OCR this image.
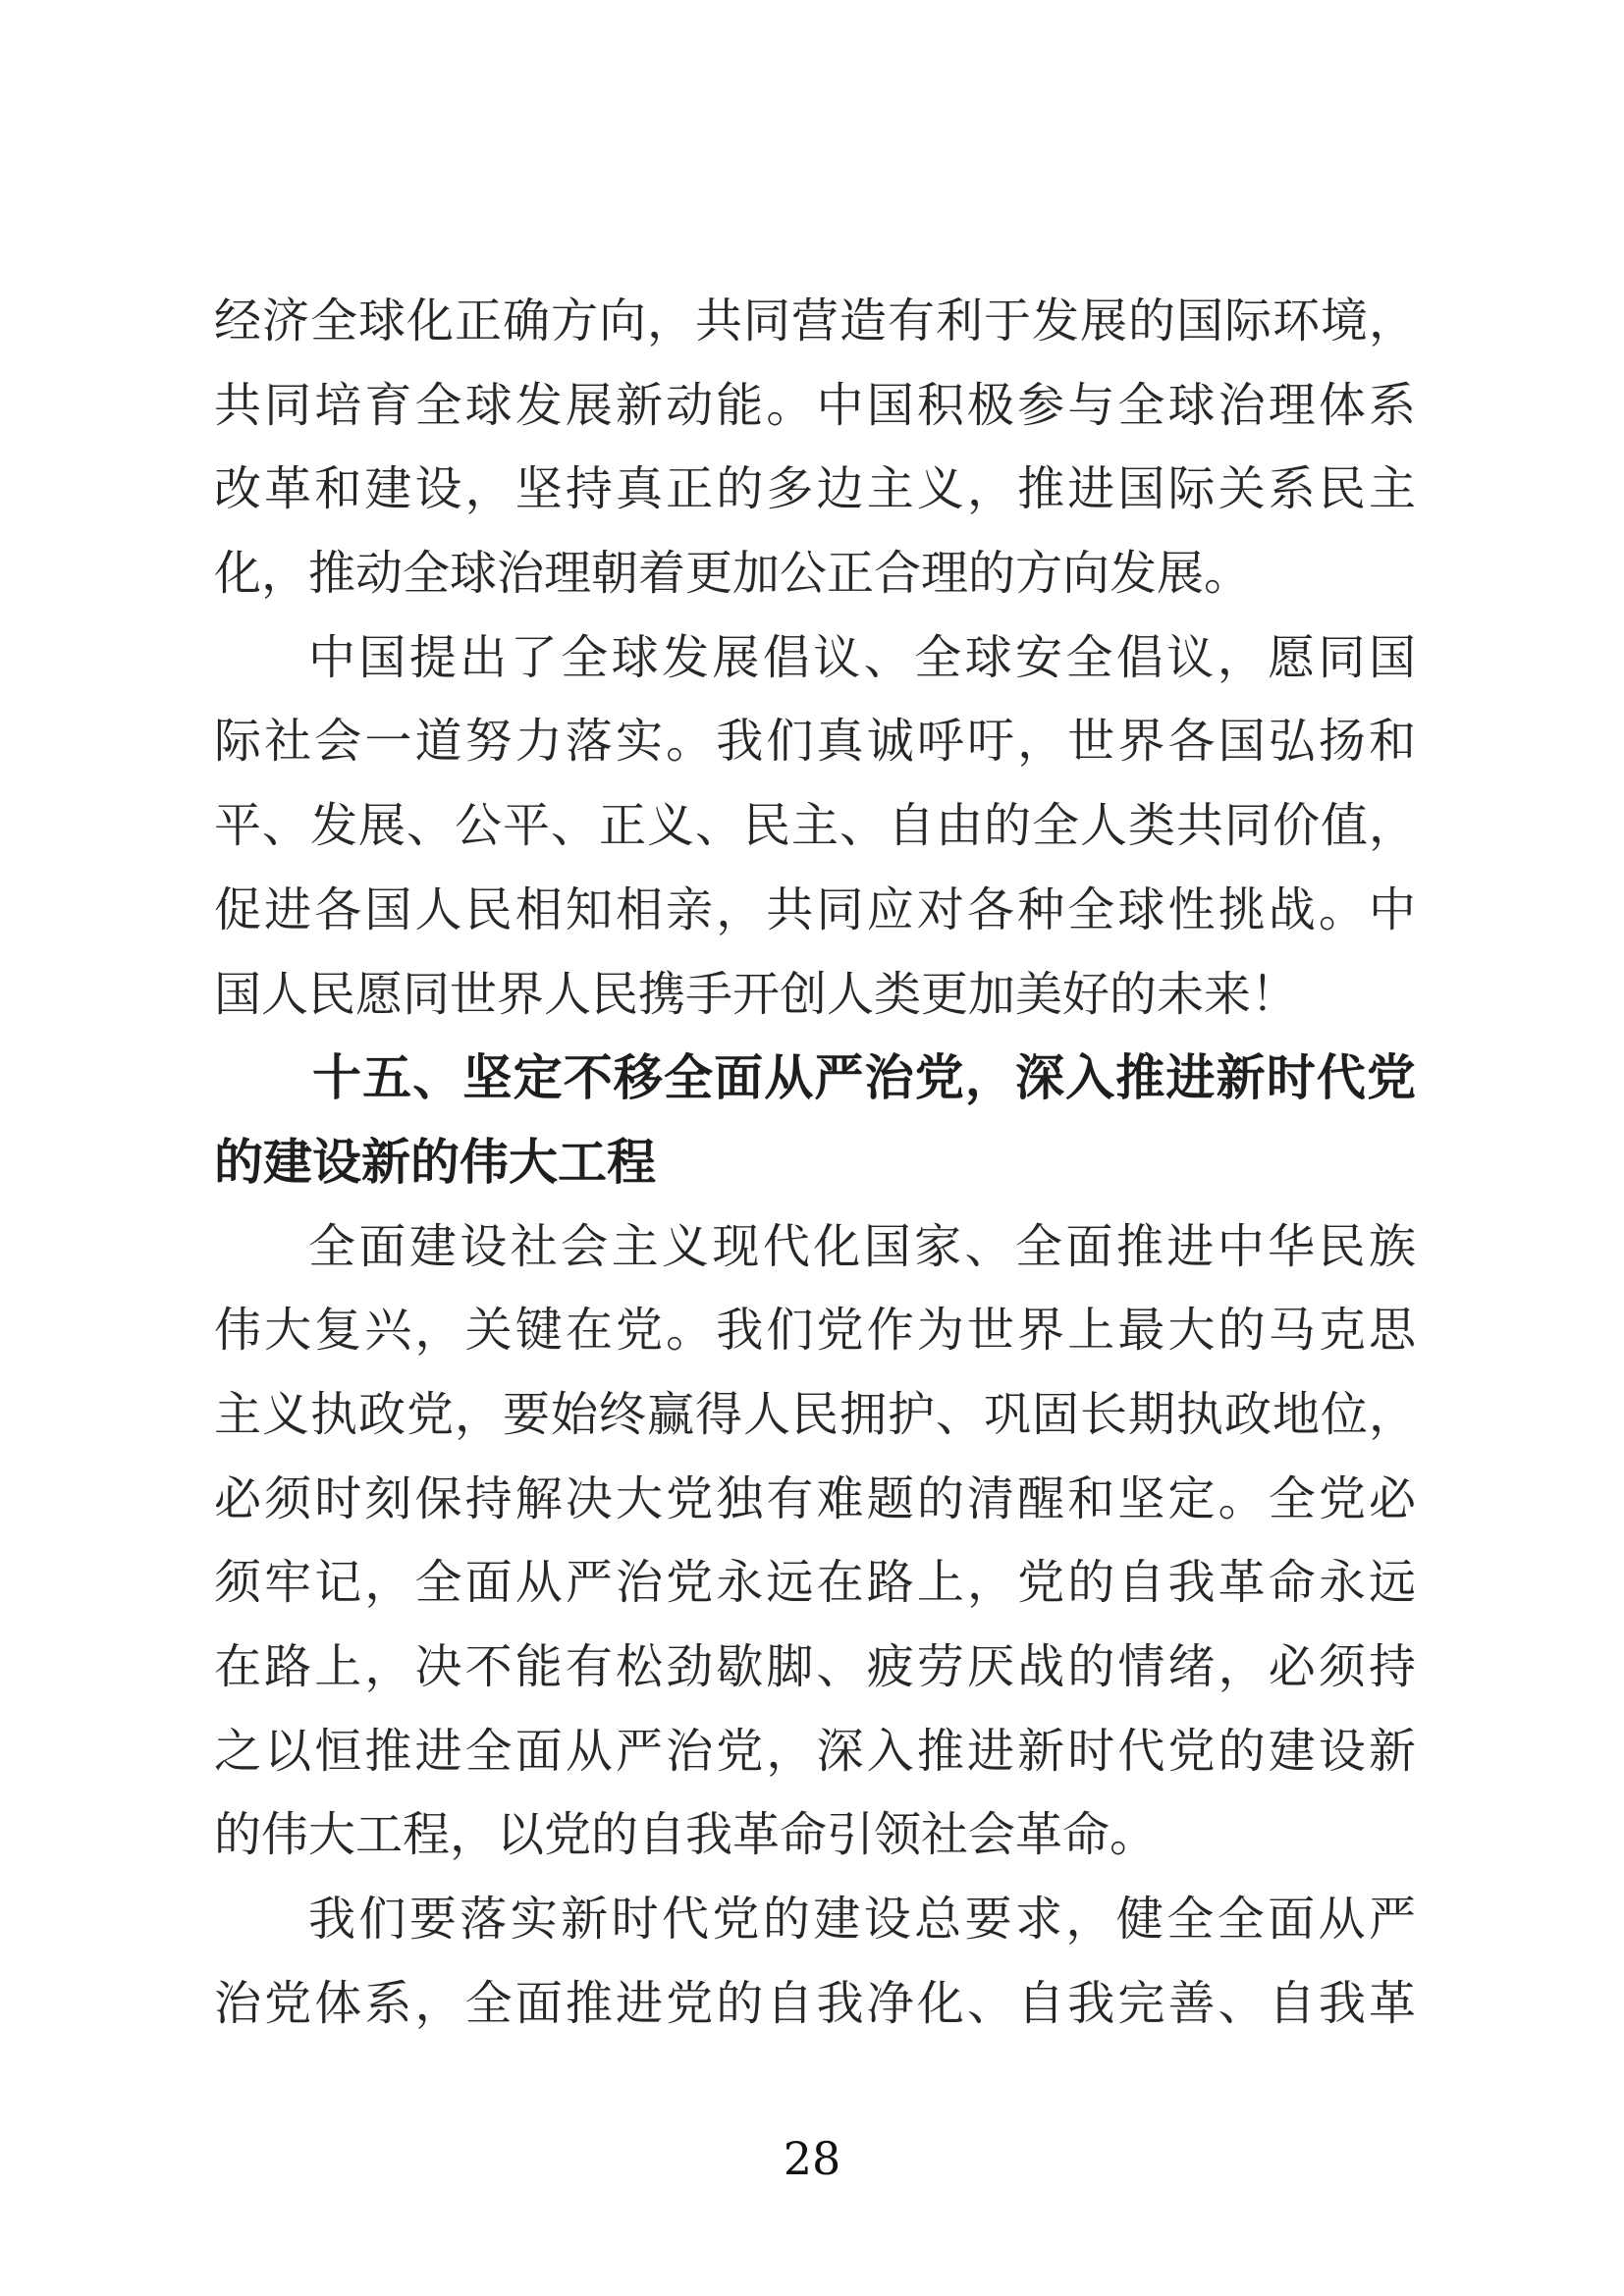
经济全球化正确方向，共同营造有利于发展的国际环境，
共同培育全球发展新动能。中国积极参与全球治理体系
改革和建设，坚持真正的多边主义，推进国际关系民主
化，推动全球治理朝着更加公正合理的方向发展。
中国提出了全球发展倡议、全球安全倡议，愿同国
际社会一道努力落实。我们真诚呼吁，世界各国弘扬和
平、发展、公平、正义、民主、自由的全人类共同价值，
促进各国人民相知相亲，共同应对各种全球性挑战。中
国人民愿同世界人民携手开创人类更加美好的未来！
十五、坚定不移全面从严治党，深入推进新时代党
的建设新的伟大工程
全面建设社会主义现代化国家、全面推进中华民族
伟大复兴，关键在党。我们党作为世界上最大的马克思
主义执政党，要始终赢得人民拥护、巩固长期执政地位，
必须时刻保持解决大党独有难题的清醒和坚定。全党必
须牢记，全面从严治党永远在路上，党的自我革命永远
在路上，决不能有松劲歇脚、疲劳厌战的情绪，必须持
之以恒推进全面从严治党，深入推进新时代党的建设新
的伟大工程，以党的自我革命引领社会革命。
我们要落实新时代党的建设总要求，健全全面从严
治党体系，全面推进党的自我净化、自我完善、自我革
28
